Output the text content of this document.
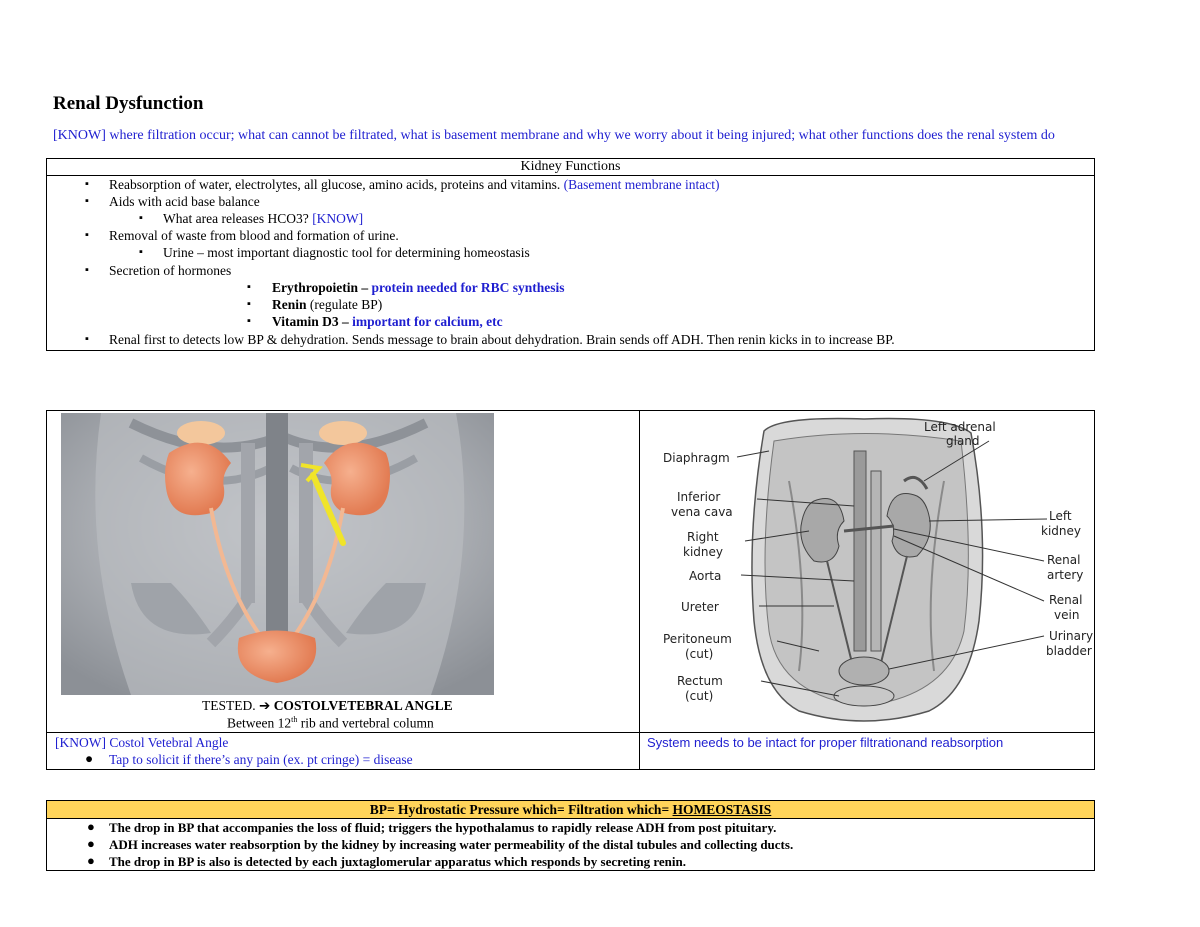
Renal Dysfunction
[KNOW] where filtration occur; what can cannot be filtrated, what is basement membrane and why we worry about it being injured; what other functions does the renal system do
Kidney Functions
▪ Reabsorption of water, electrolytes, all glucose, amino acids, proteins and vitamins. (Basement membrane intact)
▪ Aids with acid base balance
▪ What area releases HCO3? [KNOW]
▪ Removal of waste from blood and formation of urine.
▪ Urine – most important diagnostic tool for determining homeostasis
▪ Secretion of hormones
▪ Erythropoietin – protein needed for RBC synthesis
▪ Renin (regulate BP)
▪ Vitamin D3 – important for calcium, etc
▪ Renal first to detects low BP & dehydration. Sends message to brain about dehydration. Brain sends off ADH. Then renin kicks in to increase BP.
TESTED. ➔ COSTOLVETEBRAL ANGLE
Between 12th rib and vertebral column
Left adrenal
gland
Diaphragm
Inferior
vena cava
Right
kidney
Aorta
Ureter
Peritoneum
(cut)
Rectum
(cut)
Left
kidney
Renal
artery
Renal
vein
Urinary
bladder
[KNOW] Costol Vetebral Angle
● Tap to solicit if there’s any pain (ex. pt cringe) = disease
System needs to be intact for proper filtrationand reabsorption
BP= Hydrostatic Pressure which= Filtration which= HOMEOSTASIS
● The drop in BP that accompanies the loss of fluid; triggers the hypothalamus to rapidly release ADH from post pituitary.
● ADH increases water reabsorption by the kidney by increasing water permeability of the distal tubules and collecting ducts.
● The drop in BP is also is detected by each juxtaglomerular apparatus which responds by secreting renin.
